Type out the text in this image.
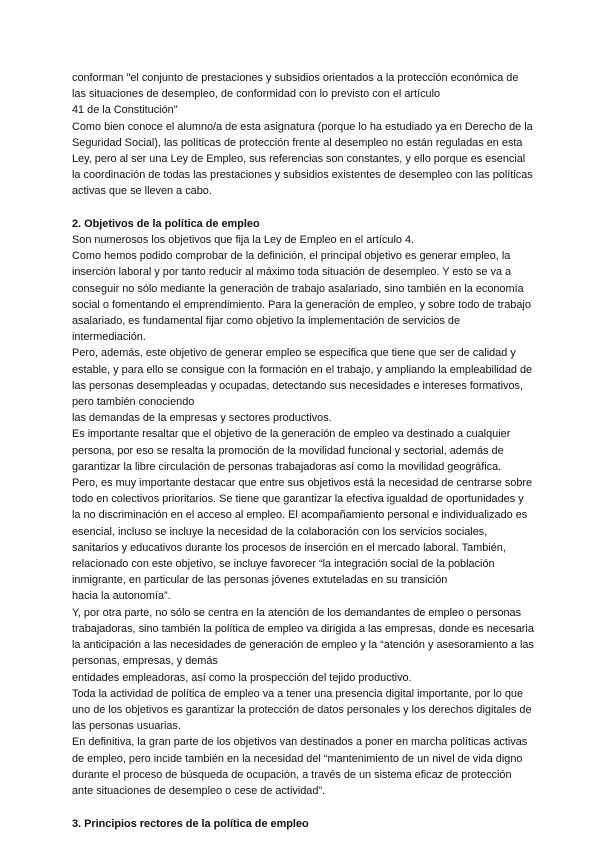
conforman "el conjunto de prestaciones y subsidios orientados a la protección económica de las situaciones de desempleo, de conformidad con lo previsto con el artículo

41 de la Constitución"

Como bien conoce el alumno/a de esta asignatura (porque lo ha estudiado ya en Derecho de la Seguridad Social), las políticas de protección frente al desempleo no están reguladas en esta Ley, pero al ser una Ley de Empleo, sus referencias son constantes, y ello porque es esencial la coordinación de todas las prestaciones y subsidios existentes de desempleo con las políticas activas que se lleven a cabo.

2. Objetivos de la política de empleo

Son numerosos los objetivos que fija la Ley de Empleo en el artículo 4.

Como hemos podido comprobar de la definición, el principal objetivo es generar empleo, la inserción laboral y por tanto reducir al máximo toda situación de desempleo. Y esto se va a conseguir no sólo mediante la generación de trabajo asalariado, sino también en la economía social o fomentando el emprendimiento. Para la generación de empleo, y sobre todo de trabajo asalariado, es fundamental fijar como objetivo la implementación de servicios de intermediación.

Pero, además, este objetivo de generar empleo se especifica que tiene que ser de calidad y estable, y para ello se consigue con la formación en el trabajo, y ampliando la empleabilidad de las personas desempleadas y ocupadas, detectando sus necesidades e intereses formativos, pero también conociendo

las demandas de la empresas y sectores productivos.

Es importante resaltar que el objetivo de la generación de empleo va destinado a cualquier persona, por eso se resalta la promoción de la movilidad funcional y sectorial, además de garantizar la libre circulación de personas trabajadoras así como la movilidad geográfica.

Pero, es muy importante destacar que entre sus objetivos está la necesidad de centrarse sobre todo en colectivos prioritarios. Se tiene que garantizar la efectiva igualdad de oportunidades y la no discriminación en el acceso al empleo. El acompañamiento personal e individualizado es esencial, incluso se incluye la necesidad de la colaboración con los servicios sociales, sanitarios y educativos durante los procesos de inserción en el mercado laboral. También, relacionado con este objetivo, se incluye favorecer “la integración social de la población inmigrante, en particular de las personas jóvenes extuteladas en su transición

hacia la autonomía”.

Y, por otra parte, no sólo se centra en la atención de los demandantes de empleo o personas trabajadoras, sino también la política de empleo va dirigida a las empresas, donde es necesaria la anticipación a las necesidades de generación de empleo y la “atención y asesoramiento a las personas, empresas, y demás

entidades empleadoras, así como la prospección del tejido productivo.

Toda la actividad de política de empleo va a tener una presencia digital importante, por lo que uno de los objetivos es garantizar la protección de datos personales y los derechos digitales de las personas usuarias.

En definitiva, la gran parte de los objetivos van destinados a poner en marcha políticas activas de empleo, pero incide también en la necesidad del “mantenimiento de un nivel de vida digno durante el proceso de búsqueda de ocupación, a través de un sistema eficaz de protección ante situaciones de desempleo o cese de actividad”.

3. Principios rectores de la política de empleo
